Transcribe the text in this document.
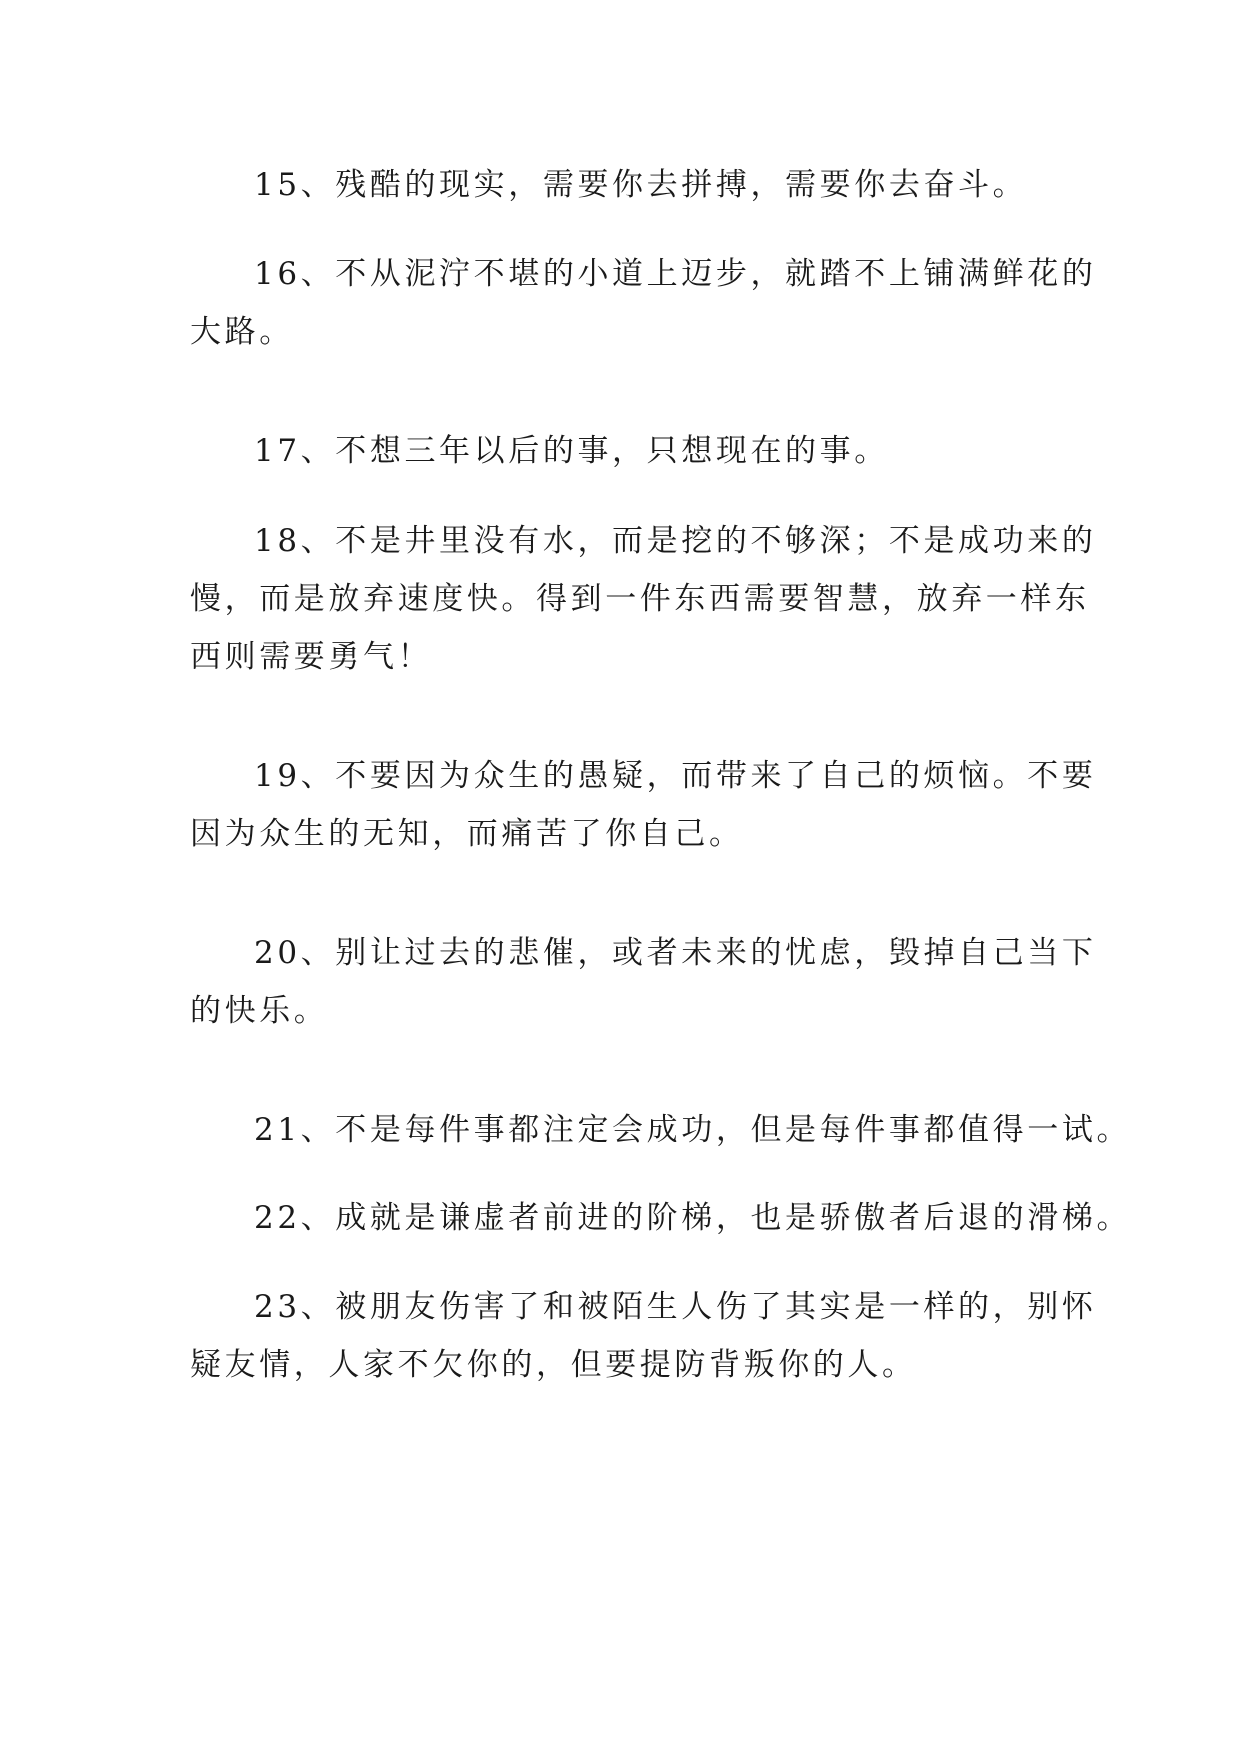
15、残酷的现实，需要你去拼搏，需要你去奋斗。
16、不从泥泞不堪的小道上迈步，就踏不上铺满鲜花的
大路。
17、不想三年以后的事，只想现在的事。
18、不是井里没有水，而是挖的不够深；不是成功来的
慢，而是放弃速度快。得到一件东西需要智慧，放弃一样东
西则需要勇气！
19、不要因为众生的愚疑，而带来了自己的烦恼。不要
因为众生的无知，而痛苦了你自己。
20、别让过去的悲催，或者未来的忧虑，毁掉自己当下
的快乐。
21、不是每件事都注定会成功，但是每件事都值得一试。
22、成就是谦虚者前进的阶梯，也是骄傲者后退的滑梯。
23、被朋友伤害了和被陌生人伤了其实是一样的，别怀
疑友情，人家不欠你的，但要提防背叛你的人。
